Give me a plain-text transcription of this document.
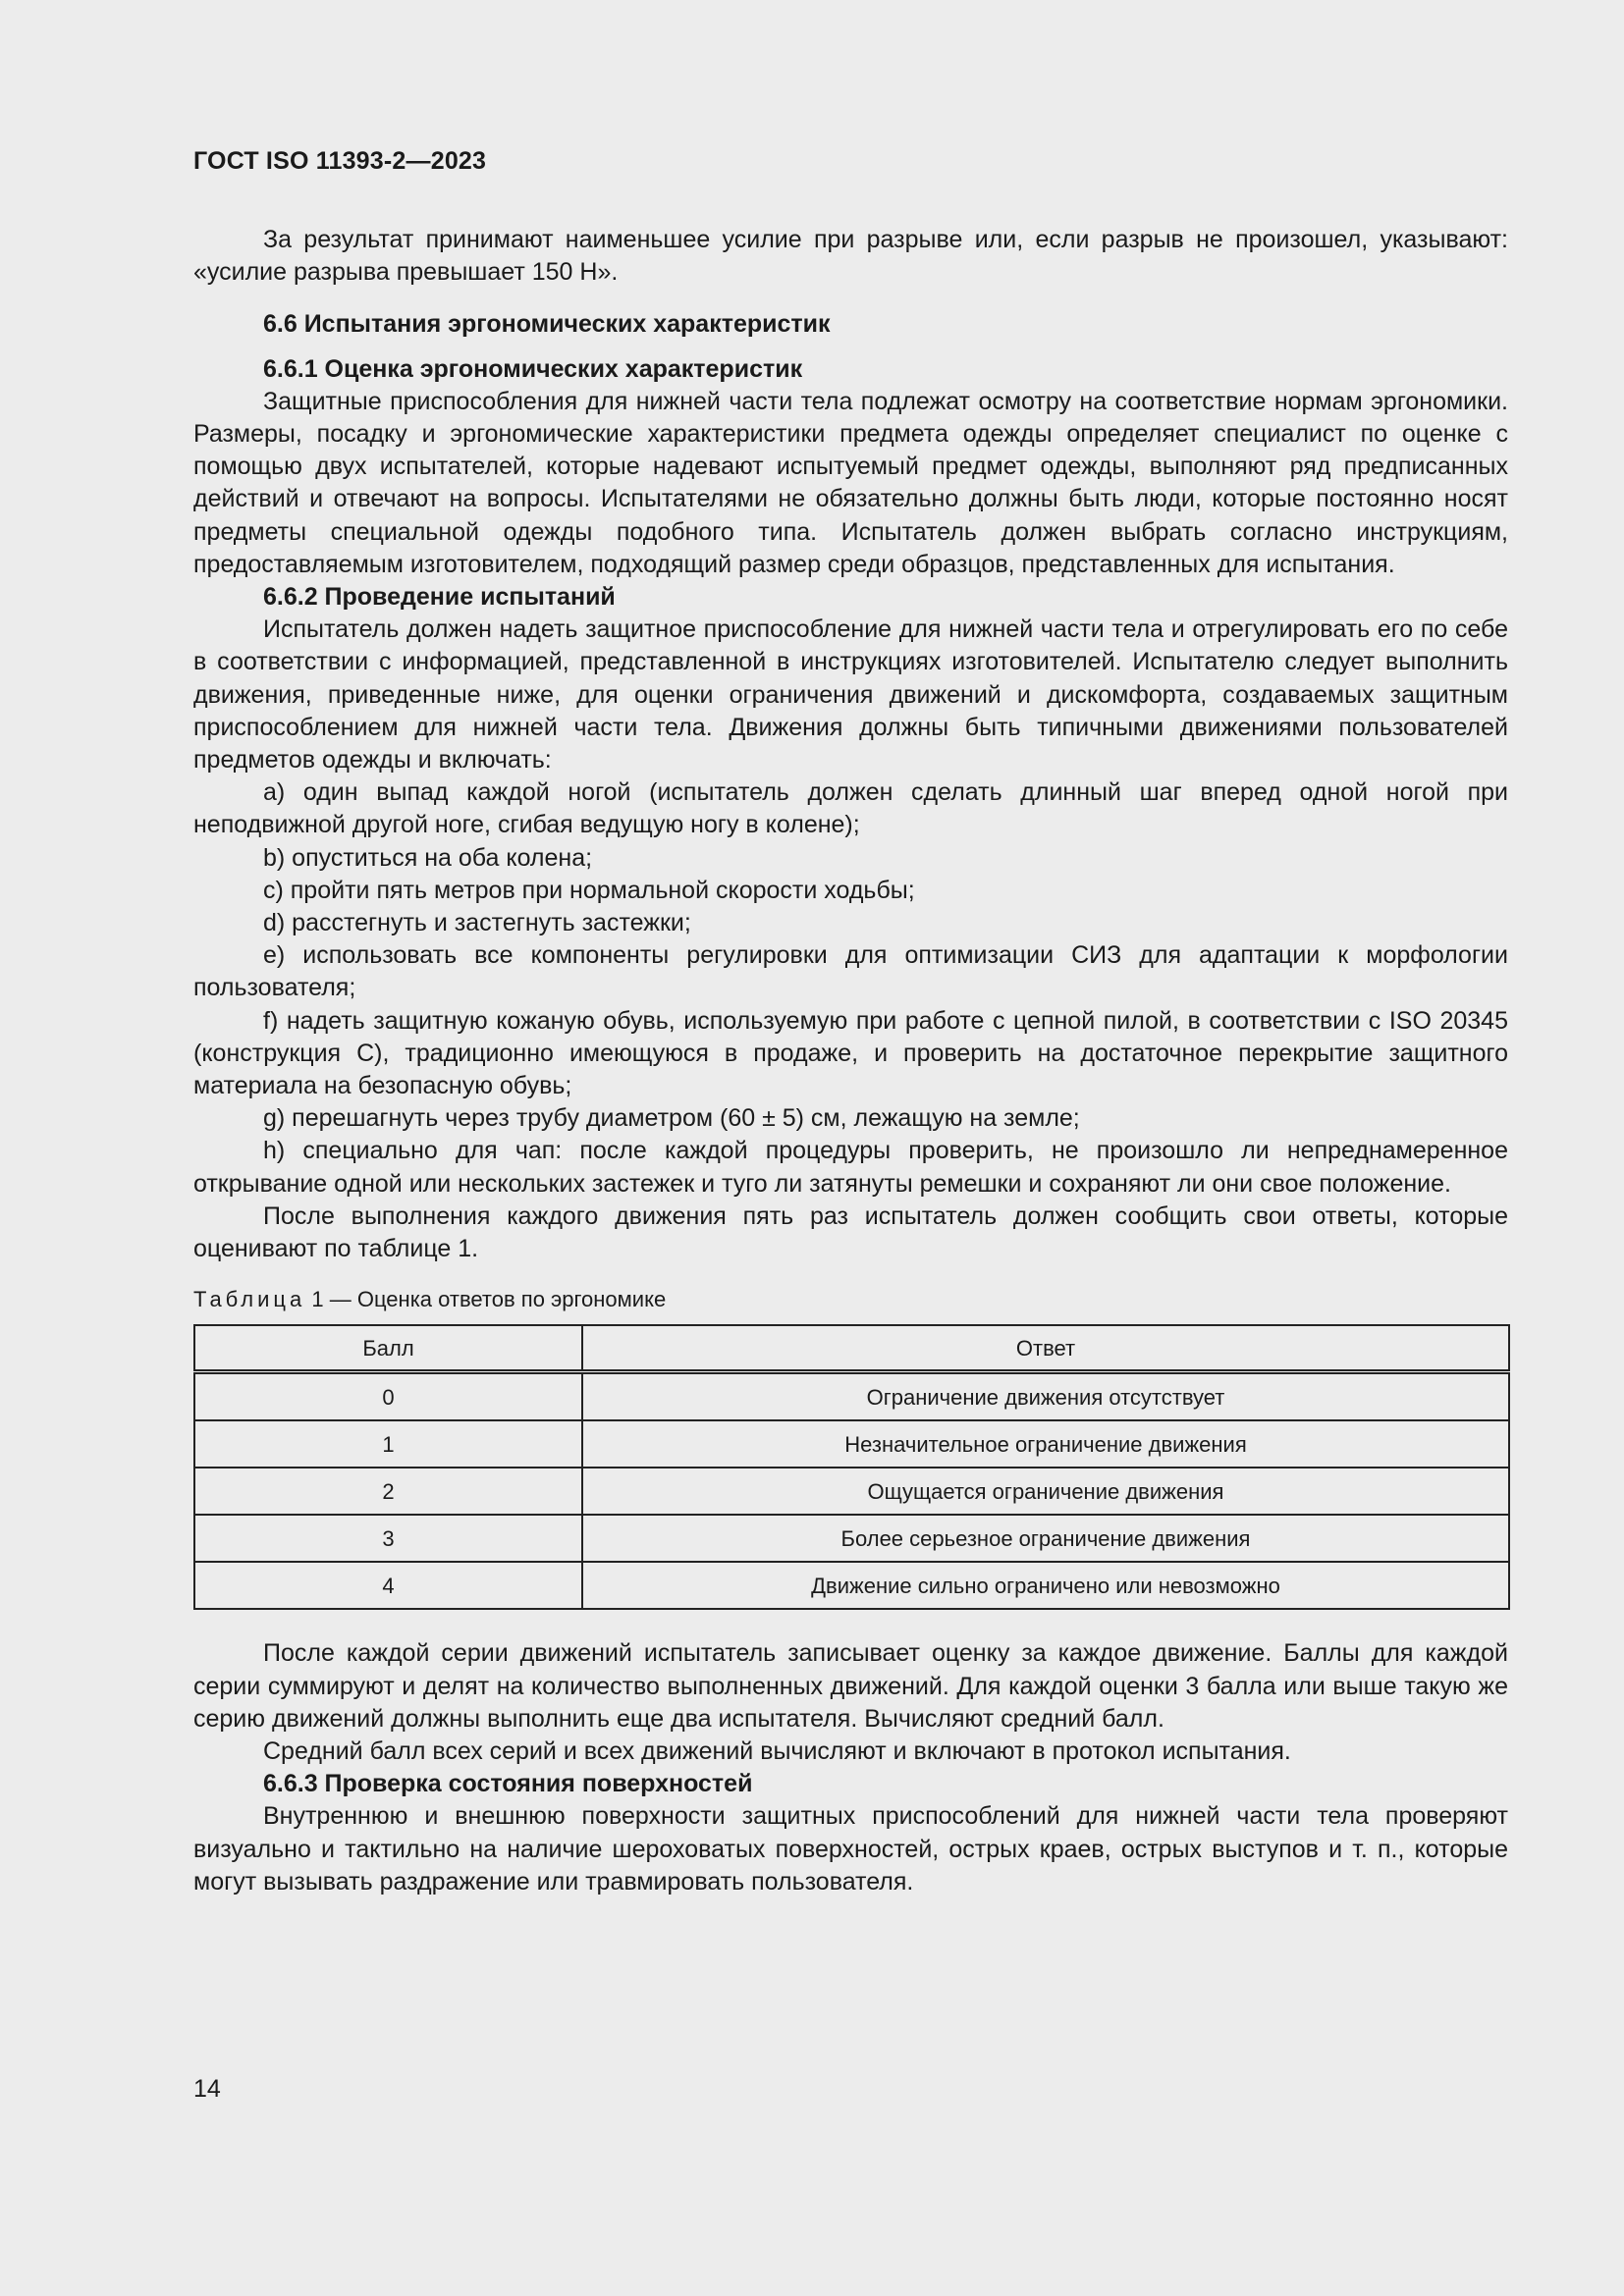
ГОСТ ISO 11393-2—2023

За результат принимают наименьшее усилие при разрыве или, если разрыв не произошел, указывают: «усилие разрыва превышает 150 Н».

6.6 Испытания эргономических характеристик
6.6.1 Оценка эргономических характеристик

Защитные приспособления для нижней части тела подлежат осмотру на соответствие нормам эргономики. Размеры, посадку и эргономические характеристики предмета одежды определяет специалист по оценке с помощью двух испытателей, которые надевают испытуемый предмет одежды, выполняют ряд предписанных действий и отвечают на вопросы. Испытателями не обязательно должны быть люди, которые постоянно носят предметы специальной одежды подобного типа. Испытатель должен выбрать согласно инструкциям, предоставляемым изготовителем, подходящий размер среди образцов, представленных для испытания.

6.6.2 Проведение испытаний

Испытатель должен надеть защитное приспособление для нижней части тела и отрегулировать его по себе в соответствии с информацией, представленной в инструкциях изготовителей. Испытателю следует выполнить движения, приведенные ниже, для оценки ограничения движений и дискомфорта, создаваемых защитным приспособлением для нижней части тела. Движения должны быть типичными движениями пользователей предметов одежды и включать:

a) один выпад каждой ногой (испытатель должен сделать длинный шаг вперед одной ногой при неподвижной другой ноге, сгибая ведущую ногу в колене);

b) опуститься на оба колена;

c) пройти пять метров при нормальной скорости ходьбы;

d) расстегнуть и застегнуть застежки;

e) использовать все компоненты регулировки для оптимизации СИЗ для адаптации к морфологии пользователя;

f) надеть защитную кожаную обувь, используемую при работе с цепной пилой, в соответствии с ISO 20345 (конструкция C), традиционно имеющуюся в продаже, и проверить на достаточное перекрытие защитного материала на безопасную обувь;

g) перешагнуть через трубу диаметром (60 ± 5) см, лежащую на земле;

h) специально для чап: после каждой процедуры проверить, не произошло ли непреднамеренное открывание одной или нескольких застежек и туго ли затянуты ремешки и сохраняют ли они свое положение.

После выполнения каждого движения пять раз испытатель должен сообщить свои ответы, которые оценивают по таблице 1.

Таблица 1 — Оценка ответов по эргономике
Балл	Ответ
0	Ограничение движения отсутствует
1	Незначительное ограничение движения
2	Ощущается ограничение движения
3	Более серьезное ограничение движения
4	Движение сильно ограничено или невозможно

После каждой серии движений испытатель записывает оценку за каждое движение. Баллы для каждой серии суммируют и делят на количество выполненных движений. Для каждой оценки 3 балла или выше такую же серию движений должны выполнить еще два испытателя. Вычисляют средний балл.

Средний балл всех серий и всех движений вычисляют и включают в протокол испытания.

6.6.3 Проверка состояния поверхностей

Внутреннюю и внешнюю поверхности защитных приспособлений для нижней части тела проверяют визуально и тактильно на наличие шероховатых поверхностей, острых краев, острых выступов и т. п., которые могут вызывать раздражение или травмировать пользователя.

14
